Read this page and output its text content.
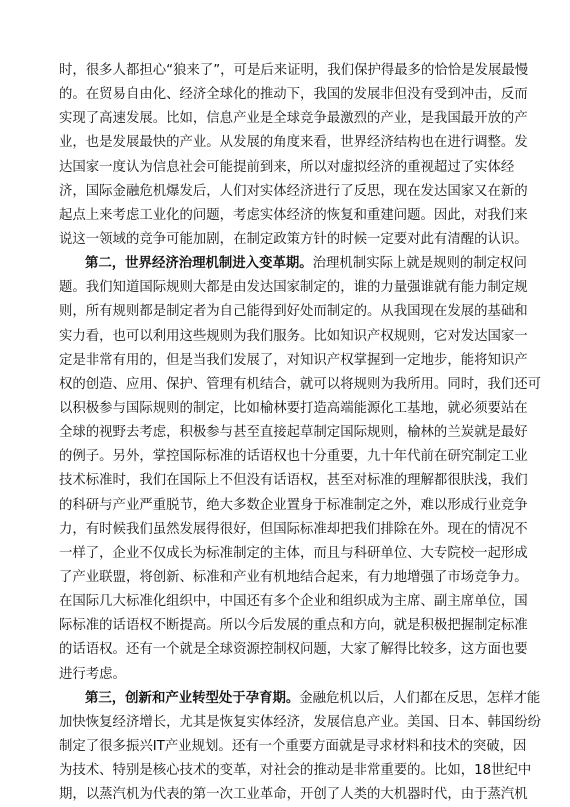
时，很多人都担心“狼来了”，可是后来证明，我们保护得最多的恰恰是发展最慢
的。在贸易自由化、经济全球化的推动下，我国的发展非但没有受到冲击，反而
实现了高速发展。比如，信息产业是全球竞争最激烈的产业，是我国最开放的产
业，也是发展最快的产业。从发展的角度来看，世界经济结构也在进行调整。发
达国家一度认为信息社会可能提前到来，所以对虚拟经济的重视超过了实体经
济，国际金融危机爆发后，人们对实体经济进行了反思，现在发达国家又在新的
起点上来考虑工业化的问题，考虑实体经济的恢复和重建问题。因此，对我们来
说这一领域的竞争可能加剧，在制定政策方针的时候一定要对此有清醒的认识。
第二，世界经济治理机制进入变革期。治理机制实际上就是规则的制定权问
题。我们知道国际规则大都是由发达国家制定的，谁的力量强谁就有能力制定规
则，所有规则都是制定者为自己能得到好处而制定的。从我国现在发展的基础和
实力看，也可以利用这些规则为我们服务。比如知识产权规则，它对发达国家一
定是非常有用的，但是当我们发展了，对知识产权掌握到一定地步，能将知识产
权的创造、应用、保护、管理有机结合，就可以将规则为我所用。同时，我们还可
以积极参与国际规则的制定，比如榆林要打造高端能源化工基地，就必须要站在
全球的视野去考虑，积极参与甚至直接起草制定国际规则，榆林的兰炭就是最好
的例子。另外，掌控国际标准的话语权也十分重要，九十年代前在研究制定工业
技术标准时，我们在国际上不但没有话语权，甚至对标准的理解都很肤浅，我们
的科研与产业严重脱节，绝大多数企业置身于标准制定之外，难以形成行业竞争
力，有时候我们虽然发展得很好，但国际标准却把我们排除在外。现在的情况不
一样了，企业不仅成长为标准制定的主体，而且与科研单位、大专院校一起形成
了产业联盟，将创新、标准和产业有机地结合起来，有力地增强了市场竞争力。
在国际几大标准化组织中，中国还有多个企业和组织成为主席、副主席单位，国
际标准的话语权不断提高。所以今后发展的重点和方向，就是积极把握制定标准
的话语权。还有一个就是全球资源控制权问题，大家了解得比较多，这方面也要
进行考虑。
第三，创新和产业转型处于孕育期。金融危机以后，人们都在反思，怎样才能
加快恢复经济增长，尤其是恢复实体经济，发展信息产业。美国、日本、韩国纷纷
制定了很多振兴IT产业规划。还有一个重要方面就是寻求材料和技术的突破，因
为技术、特别是核心技术的变革，对社会的推动是非常重要的。比如，18世纪中
期，以蒸汽机为代表的第一次工业革命，开创了人类的大机器时代，由于蒸汽机
